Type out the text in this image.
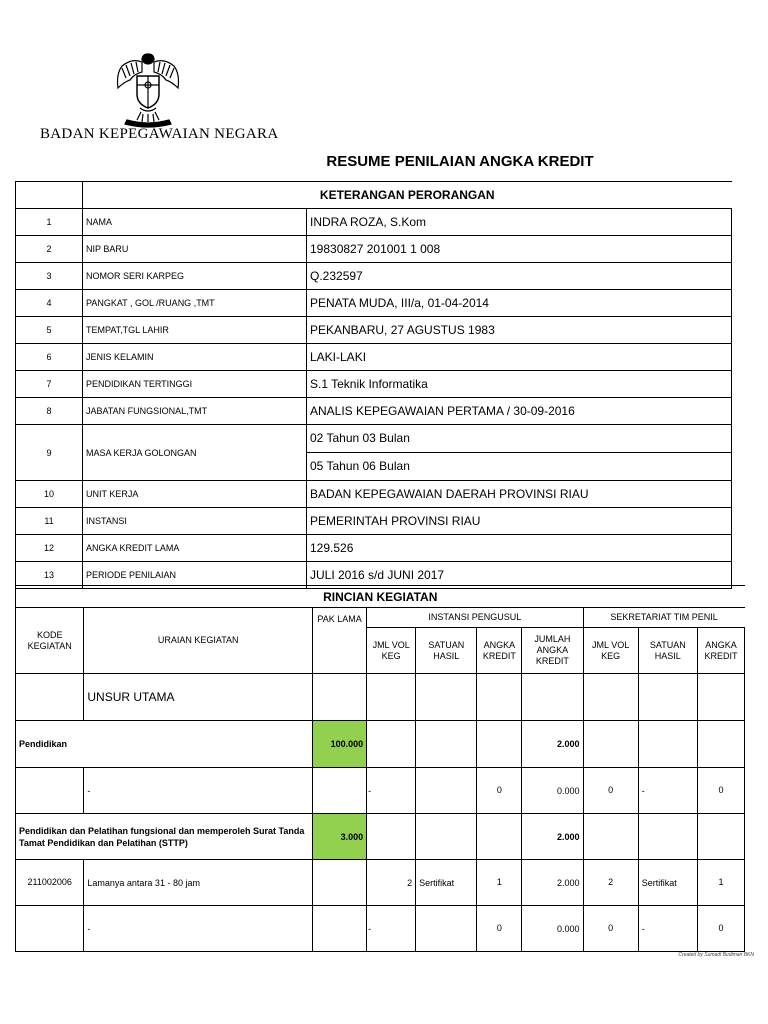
BADAN KEPEGAWAIAN NEGARA
RESUME PENILAIAN ANGKA KREDIT
	KETERANGAN PERORANGAN	
1	NAMA	INDRA ROZA, S.Kom
2	NIP BARU	19830827 201001 1 008
3	NOMOR SERI KARPEG	Q.232597
4	PANGKAT , GOL /RUANG ,TMT	PENATA MUDA, III/a, 01-04-2014
5	TEMPAT,TGL LAHIR	PEKANBARU, 27 AGUSTUS 1983
6	JENIS KELAMIN	LAKI-LAKI
7	PENDIDIKAN TERTINGGI	S.1 Teknik Informatika
8	JABATAN FUNGSIONAL,TMT	ANALIS KEPEGAWAIAN PERTAMA / 30-09-2016
9	MASA KERJA GOLONGAN	02 Tahun 03 Bulan
05 Tahun 06 Bulan

10	UNIT KERJA	BADAN KEPEGAWAIAN DAERAH PROVINSI RIAU
11	INSTANSI	PEMERINTAH PROVINSI RIAU
12	ANGKA KREDIT LAMA	129.526
13	PERIODE PENILAIAN	JULI 2016 s/d JUNI 2017
RINCIAN KEGIATAN									
KODE KEGIATAN	URAIAN KEGIATAN	PAK LAMA	INSTANSI PENGUSUL				SEKRETARIAT TIM PENIL		
			JML VOL KEG	SATUAN HASIL	ANGKA KREDIT	JUMLAH ANGKA KREDIT	JML VOL KEG	SATUAN HASIL	ANGKA KREDIT
	UNSUR UTAMA								
Pendidikan		100.000				2.000			
	-		-		0	0.000	0	-	0
Pendidikan dan Pelatihan fungsional dan memperoleh Surat Tanda Tamat Pendidikan dan Pelatihan (STTP)		3.000				2.000			
211002006	Lamanya antara 31 - 80 jam		2	Sertifikat	1	2.000	2	Sertifikat	1
	-		-		0	0.000	0	-	0
Created by Sumadi Budiman BKN
